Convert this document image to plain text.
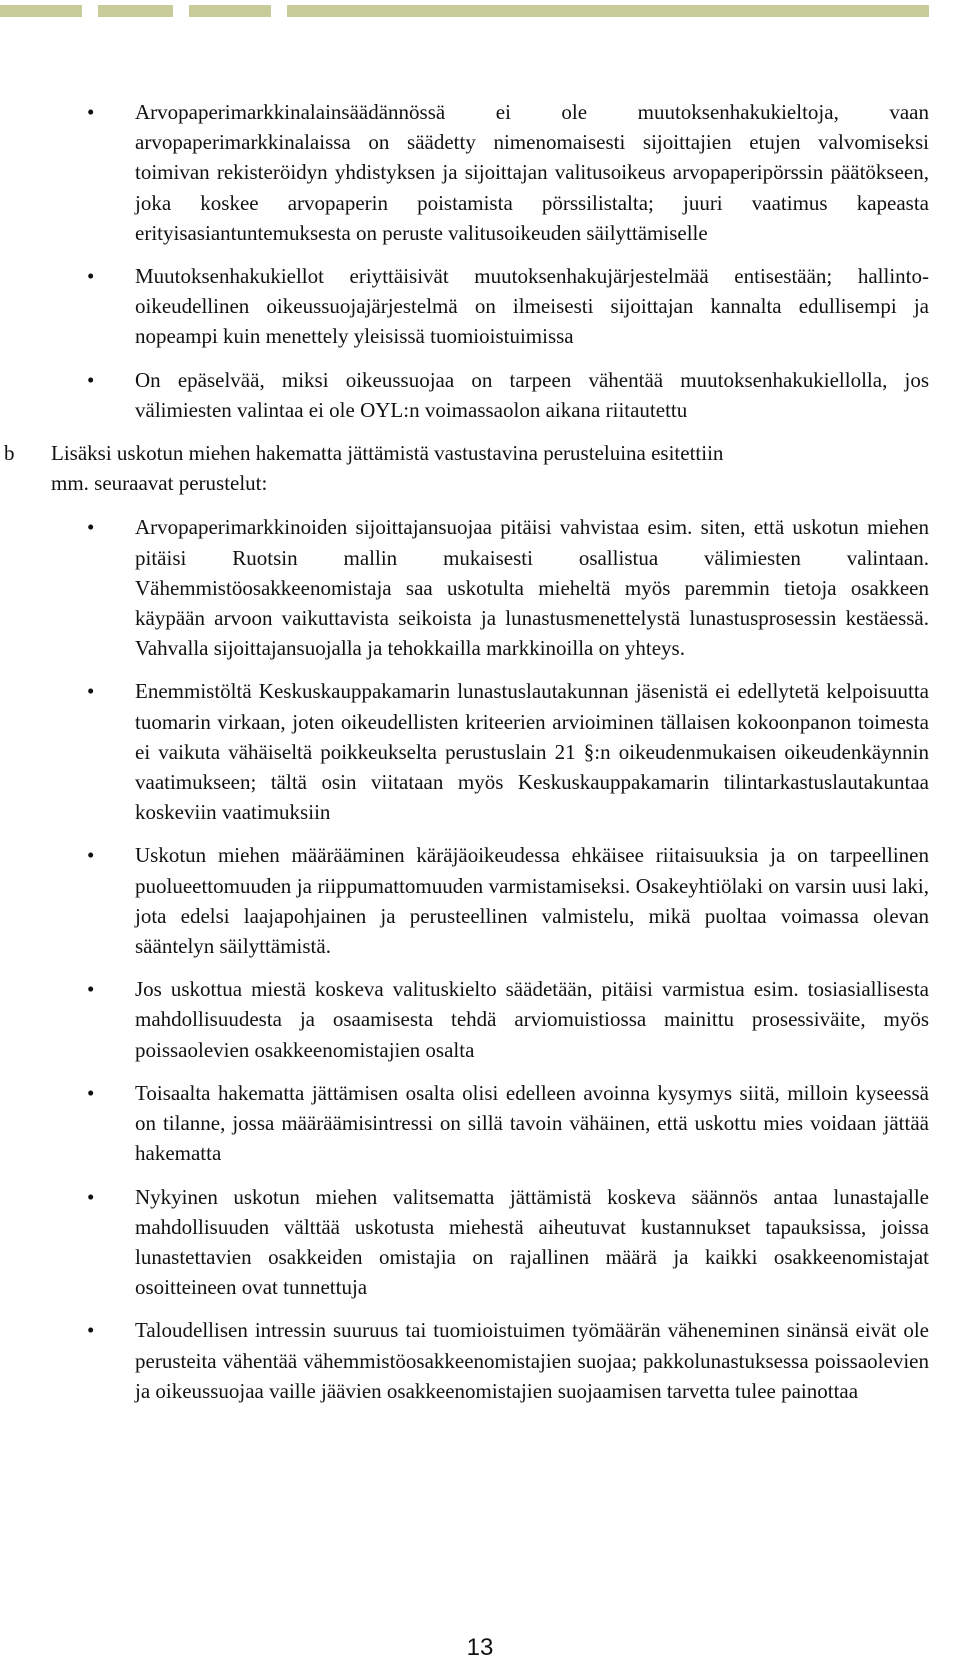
• Arvopaperimarkkinalainsäädännössä ei ole muutoksenhakukieltoja, vaan arvopaperimarkkinalaissa on säädetty nimenomaisesti sijoittajien etujen valvomiseksi toimivan rekisteröidyn yhdistyksen ja sijoittajan valitusoikeus arvopaperipörssin päätökseen, joka koskee arvopaperin poistamista pörssilistalta; juuri vaatimus kapeasta erityisasiantuntemuksesta on peruste valitusoikeuden säilyttämiselle
• Muutoksenhakukiellot eriyttäisivät muutoksenhakujärjestelmää entisestään; hallinto-oikeudellinen oikeussuojajärjestelmä on ilmeisesti sijoittajan kannalta edullisempi ja nopeampi kuin menettely yleisissä tuomioistuimissa
• On epäselvää, miksi oikeussuojaa on tarpeen vähentää muutoksenhakukiellolla, jos välimiesten valintaa ei ole OYL:n voimassaolon aikana riitautettu
b Lisäksi uskotun miehen hakematta jättämistä vastustavina perusteluina esitettiin
mm. seuraavat perustelut:
• Arvopaperimarkkinoiden sijoittajansuojaa pitäisi vahvistaa esim. siten, että uskotun miehen pitäisi Ruotsin mallin mukaisesti osallistua välimiesten valintaan. Vähemmistöosakkeenomistaja saa uskotulta mieheltä myös paremmin tietoja osakkeen käypään arvoon vaikuttavista seikoista ja lunastusmenettelystä lunastusprosessin kestäessä. Vahvalla sijoittajansuojalla ja tehokkailla markkinoilla on yhteys.
• Enemmistöltä Keskuskauppakamarin lunastuslautakunnan jäsenistä ei edellytetä kelpoisuutta tuomarin virkaan, joten oikeudellisten kriteerien arvioiminen tällaisen kokoonpanon toimesta ei vaikuta vähäiseltä poikkeukselta perustuslain 21 §:n oikeudenmukaisen oikeudenkäynnin vaatimukseen; tältä osin viitataan myös Keskuskauppakamarin tilintarkastuslautakuntaa koskeviin vaatimuksiin
• Uskotun miehen määrääminen käräjäoikeudessa ehkäisee riitaisuuksia ja on tarpeellinen puolueettomuuden ja riippumattomuuden varmistamiseksi. Osakeyhtiölaki on varsin uusi laki, jota edelsi laajapohjainen ja perusteellinen valmistelu, mikä puoltaa voimassa olevan sääntelyn säilyttämistä.
• Jos uskottua miestä koskeva valituskielto säädetään, pitäisi varmistua esim. tosiasiallisesta mahdollisuudesta ja osaamisesta tehdä arviomuistiossa mainittu prosessiväite, myös poissaolevien osakkeenomistajien osalta
• Toisaalta hakematta jättämisen osalta olisi edelleen avoinna kysymys siitä, milloin kyseessä on tilanne, jossa määräämisintressi on sillä tavoin vähäinen, että uskottu mies voidaan jättää hakematta
• Nykyinen uskotun miehen valitsematta jättämistä koskeva säännös antaa lunastajalle mahdollisuuden välttää uskotusta miehestä aiheutuvat kustannukset tapauksissa, joissa lunastettavien osakkeiden omistajia on rajallinen määrä ja kaikki osakkeenomistajat osoitteineen ovat tunnettuja
• Taloudellisen intressin suuruus tai tuomioistuimen työmäärän väheneminen sinänsä eivät ole perusteita vähentää vähemmistöosakkeenomistajien suojaa; pakkolunastuksessa poissaolevien ja oikeussuojaa vaille jäävien osakkeenomistajien suojaamisen tarvetta tulee painottaa
13
